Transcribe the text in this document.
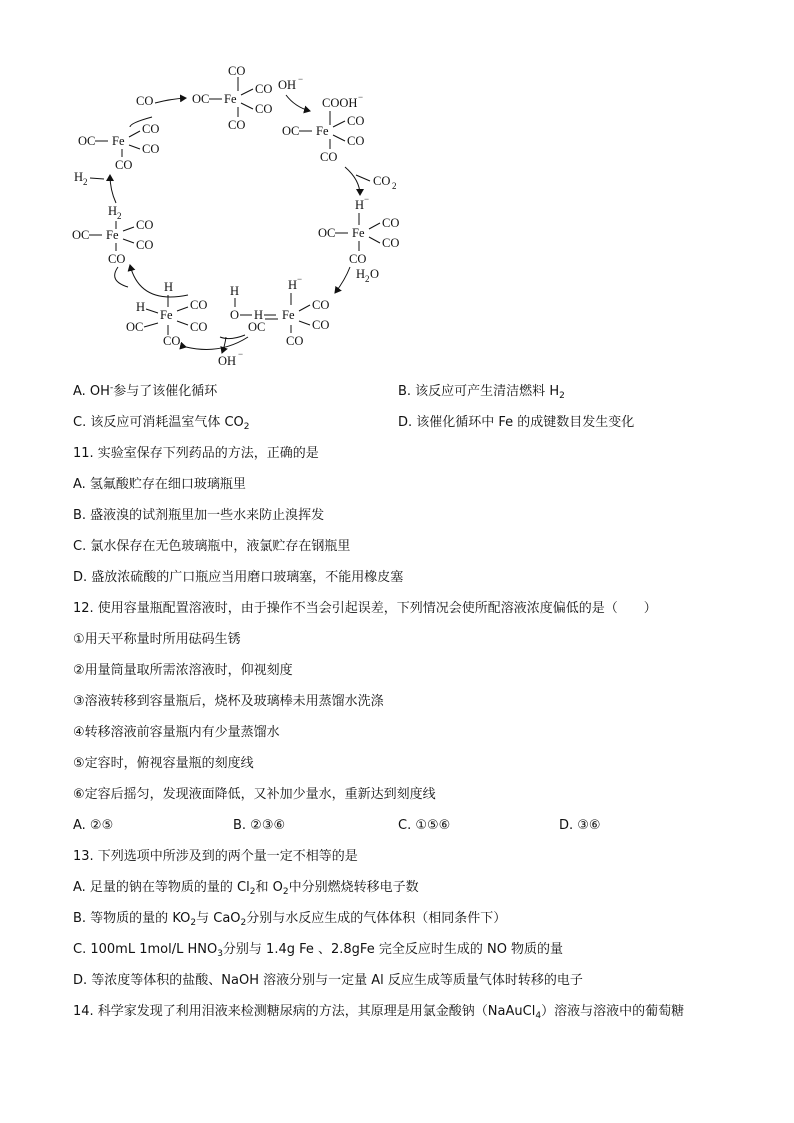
CO
OC Fe
CO
CO
CO
CO
OH −
COOH −
OC Fe
CO
CO
CO
CO 2
H −
OC Fe
CO
CO
CO
H 2 O
H −
H
O H
OC
Fe
CO
CO
CO
OH −
H
H
Fe
CO
OC	CO
CO
H 2
OC Fe
CO
CO
CO
H 2
OC Fe
CO
CO
CO
A. OH-参与了该催化循环	B. 该反应可产生清洁燃料 $H_2$
C. 该反应可消耗温室气体 $CO_2$	D. 该催化循环中 Fe 的成键数目发生变化
11. 实验室保存下列药品的方法，正确的是
A. 氢氟酸贮存在细口玻璃瓶里
B. 盛液溴的试剂瓶里加一些水来防止溴挥发
C. 氯水保存在无色玻璃瓶中，液氯贮存在钢瓶里
D. 盛放浓硫酸的广口瓶应当用磨口玻璃塞，不能用橡皮塞
12. 使用容量瓶配置溶液时，由于操作不当会引起误差，下列情况会使所配溶液浓度偏低的是（　　）
①用天平称量时所用砝码生锈
②用量筒量取所需浓溶液时，仰视刻度
③溶液转移到容量瓶后，烧杯及玻璃棒未用蒸馏水洗涤
④转移溶液前容量瓶内有少量蒸馏水
⑤定容时，俯视容量瓶的刻度线
⑥定容后摇匀，发现液面降低，又补加少量水，重新达到刻度线
A. ②⑤	B. ②③⑥	C. ①⑤⑥	D. ③⑥
13. 下列选项中所涉及到的两个量一定不相等的是
A. 足量的钠在等物质的量的 $Cl_2$和 $O_2$中分别燃烧转移电子数
B. 等物质的量的 $KO_2$与 CaO$_2$分别与水反应生成的气体体积（相同条件下）
C. 100mL 1mol/L $HNO_3$分别与 1.4g Fe 、2.8gFe 完全反应时生成的 NO 物质的量
D. 等浓度等体积的盐酸、NaOH 溶液分别与一定量 Al 反应生成等质量气体时转移的电子
14. 科学家发现了利用泪液来检测糖尿病的方法，其原理是用氯金酸钠（NaAuCl$_4$）溶液与溶液中的葡萄糖
